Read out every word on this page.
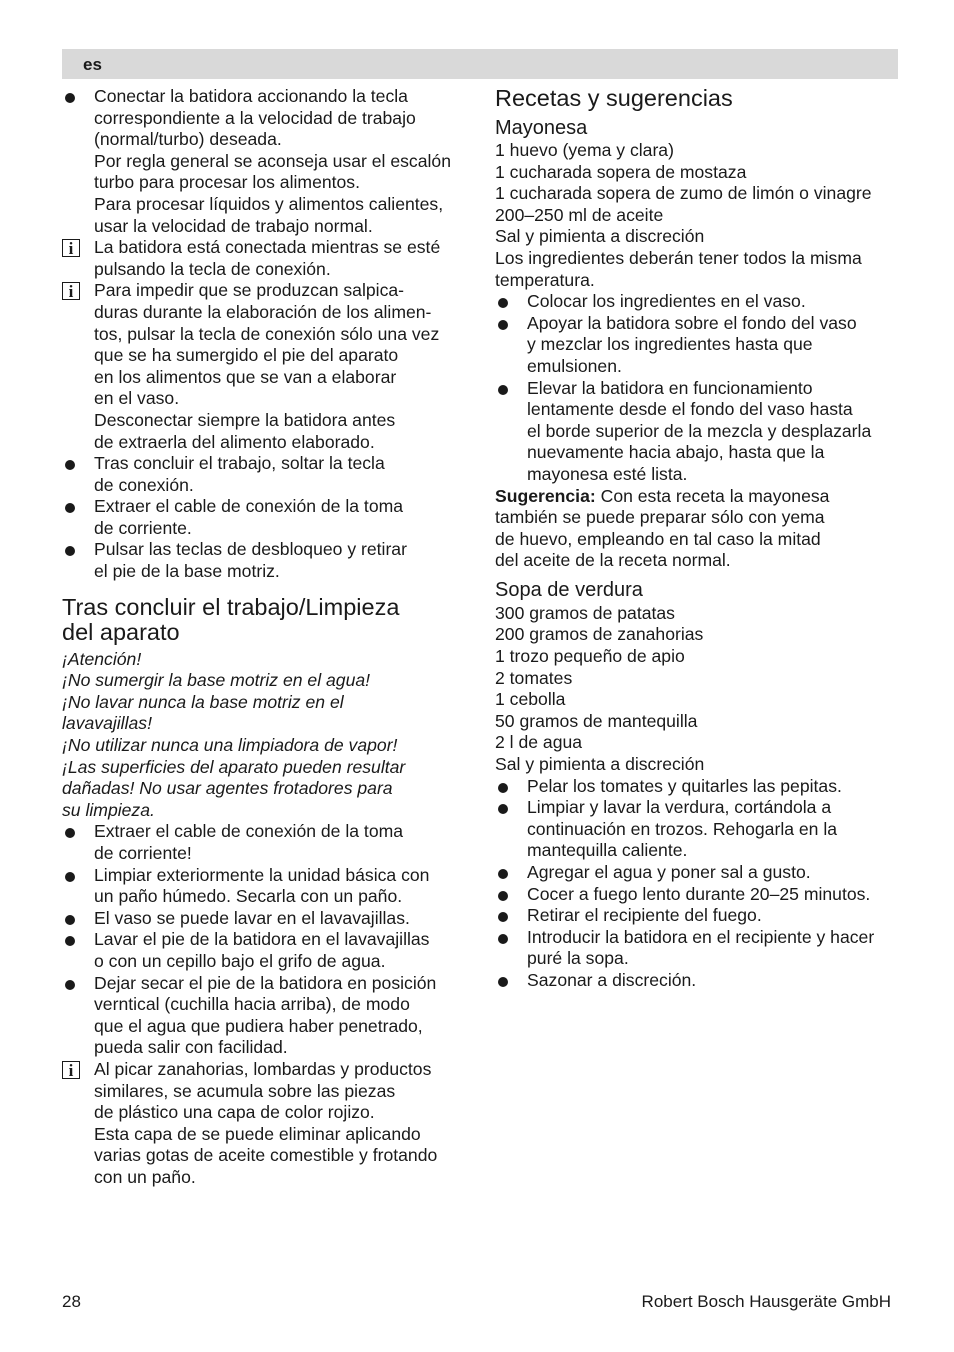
es
Conectar la batidora accionando la tecla
correspondiente a la velocidad de trabajo
(normal/turbo) deseada.
Por regla general se aconseja usar el escalón
turbo para procesar los alimentos.
Para procesar líquidos y alimentos calientes,
usar la velocidad de trabajo normal.
i	La batidora está conectada mientras se esté
pulsando la tecla de conexión.
i	Para impedir que se produzcan salpica-
duras durante la elaboración de los alimen-
tos, pulsar la tecla de conexión sólo una vez
que se ha sumergido el pie del aparato
en los alimentos que se van a elaborar
en el vaso.
Desconectar siempre la batidora antes
de extraerla del alimento elaborado.
Tras concluir el trabajo, soltar la tecla
de conexión.
Extraer el cable de conexión de la toma
de corriente.
Pulsar las teclas de desbloqueo y retirar
el pie de la base motriz.
Tras concluir el trabajo/Limpieza
del aparato
¡Atención!
¡No sumergir la base motriz en el agua!
¡No lavar nunca la base motriz en el
lavavajillas!
¡No utilizar nunca una limpiadora de vapor!
¡Las superficies del aparato pueden resultar
dañadas! No usar agentes frotadores para
su limpieza.
Extraer el cable de conexión de la toma
de corriente!
Limpiar exteriormente la unidad básica con
un paño húmedo. Secarla con un paño.
El vaso se puede lavar en el lavavajillas.
Lavar el pie de la batidora en el lavavajillas
o con un cepillo bajo el grifo de agua.
Dejar secar el pie de la batidora en posición
verntical (cuchilla hacia arriba), de modo
que el agua que pudiera haber penetrado,
pueda salir con facilidad.
i	Al picar zanahorias, lombardas y productos
similares, se acumula sobre las piezas
de plástico una capa de color rojizo.
Esta capa de se puede eliminar aplicando
varias gotas de aceite comestible y frotando
con un paño.
Recetas y sugerencias
Mayonesa
1 huevo (yema y clara)
1 cucharada sopera de mostaza
1 cucharada sopera de zumo de limón o vinagre
200–250 ml de aceite
Sal y pimienta a discreción
Los ingredientes deberán tener todos la misma
temperatura.
Colocar los ingredientes en el vaso.
Apoyar la batidora sobre el fondo del vaso
y mezclar los ingredientes hasta que
emulsionen.
Elevar la batidora en funcionamiento
lentamente desde el fondo del vaso hasta
el borde superior de la mezcla y desplazarla
nuevamente hacia abajo, hasta que la
mayonesa esté lista.
Sugerencia: Con esta receta la mayonesa
también se puede preparar sólo con yema
de huevo, empleando en tal caso la mitad
del aceite de la receta normal.
Sopa de verdura
300 gramos de patatas
200 gramos de zanahorias
1 trozo pequeño de apio
2 tomates
1 cebolla
50 gramos de mantequilla
2 l de agua
Sal y pimienta a discreción
Pelar los tomates y quitarles las pepitas.
Limpiar y lavar la verdura, cortándola a
continuación en trozos. Rehogarla en la
mantequilla caliente.
Agregar el agua y poner sal a gusto.
Cocer a fuego lento durante 20–25 minutos.
Retirar el recipiente del fuego.
Introducir la batidora en el recipiente y hacer
puré la sopa.
Sazonar a discreción.
28	Robert Bosch Hausgeräte GmbH
